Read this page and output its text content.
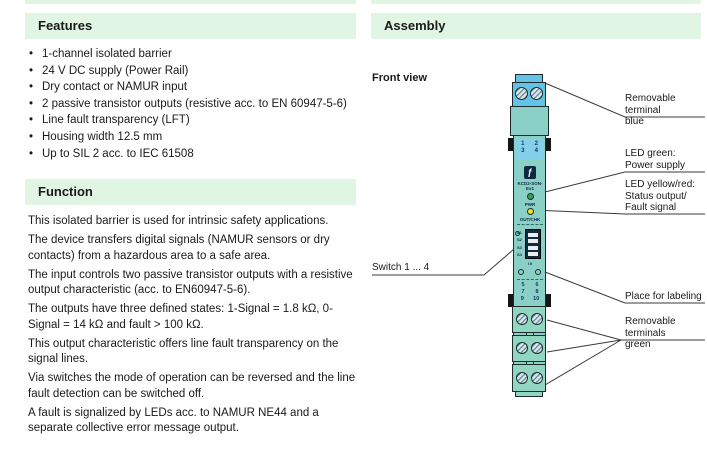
Features
• 1-channel isolated barrier
• 24 V DC supply (Power Rail)
• Dry contact or NAMUR input
• 2 passive transistor outputs (resistive acc. to EN 60947-5-6)
• Line fault transparency (LFT)
• Housing width 12.5 mm
• Up to SIL 2 acc. to IEC 61508
Function

This isolated barrier is used for intrinsic safety applications.

The device transfers digital signals (NAMUR sensors or dry contacts) from a hazardous area to a safe area.

The input controls two passive transistor outputs with a resistive output characteristic (acc. to EN60947-5-6).

The outputs have three defined states: 1-Signal = 1.8 kΩ, 0-Signal = 14 kΩ and fault > 100 kΩ.

This output characteristic offers line fault transparency on the signal lines.

Via switches the mode of operation can be reversed and the line fault detection can be switched off.

A fault is signalized by LEDs acc. to NAMUR NE44 and a separate collective error message output.

Assembly
Front view
Removable terminal
blue
LED green:
Power supply
LED yellow/red:
Status output/
Fault signal
Switch 1 ... 4
Place for labeling
Removable terminals
green
1 2
3 4
ƒ
KCD2-SON-
Ex1
PWR
OUT/CHK
S1
S2
S3
S4
I II
5 6
7 8
9 10
